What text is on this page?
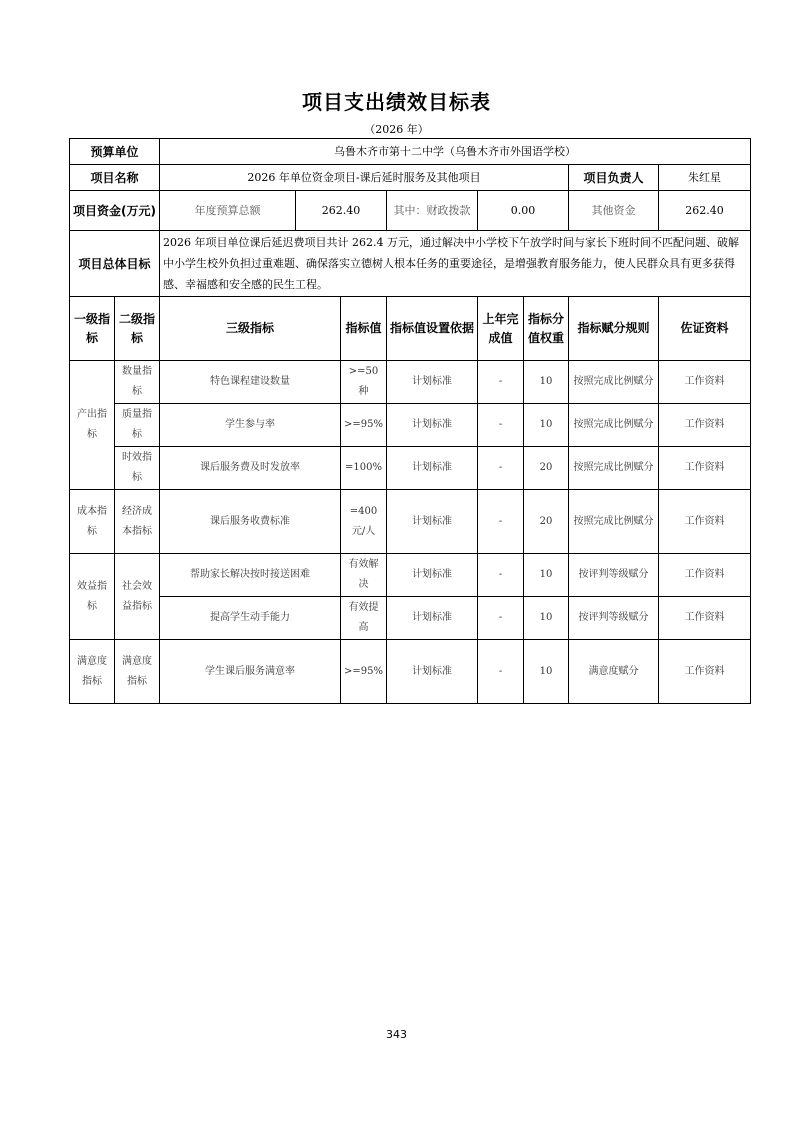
项目支出绩效目标表
（2026 年）
预算单位		乌鲁木齐市第十二中学（乌鲁木齐市外国语学校）							
项目名称		2026 年单位资金项目-课后延时服务及其他项目						项目负责人	朱红星
项目资金(万元)		年度预算总额	262.40		其中：财政拨款	0.00		其他资金	262.40
项目总体目标		2026 年项目单位课后延迟费项目共计 262.4 万元，通过解决中小学校下午放学时间与家长下班时间不匹配问题、破解中小学生校外负担过重难题、确保落实立德树人根本任务的重要途径，是增强教育服务能力，使人民群众具有更多获得感、幸福感和安全感的民生工程。							
一级指标	二级指标	三级指标		指标值	指标值设置依据	上年完成值	指标分值权重	指标赋分规则	佐证资料
产出指标	数量指标	特色课程建设数量		>=50种	计划标准	-	10	按照完成比例赋分	工作资料
	质量指标	学生参与率		>=95%	计划标准	-	10	按照完成比例赋分	工作资料
	时效指标	课后服务费及时发放率		=100%	计划标准	-	20	按照完成比例赋分	工作资料
成本指标	经济成本指标	课后服务收费标准		=400元/人	计划标准	-	20	按照完成比例赋分	工作资料
效益指标	社会效益指标	帮助家长解决按时接送困难		有效解决	计划标准	-	10	按评判等级赋分	工作资料
		提高学生动手能力		有效提高	计划标准	-	10	按评判等级赋分	工作资料
满意度指标	满意度指标	学生课后服务满意率		>=95%	计划标准	-	10	满意度赋分	工作资料
343
